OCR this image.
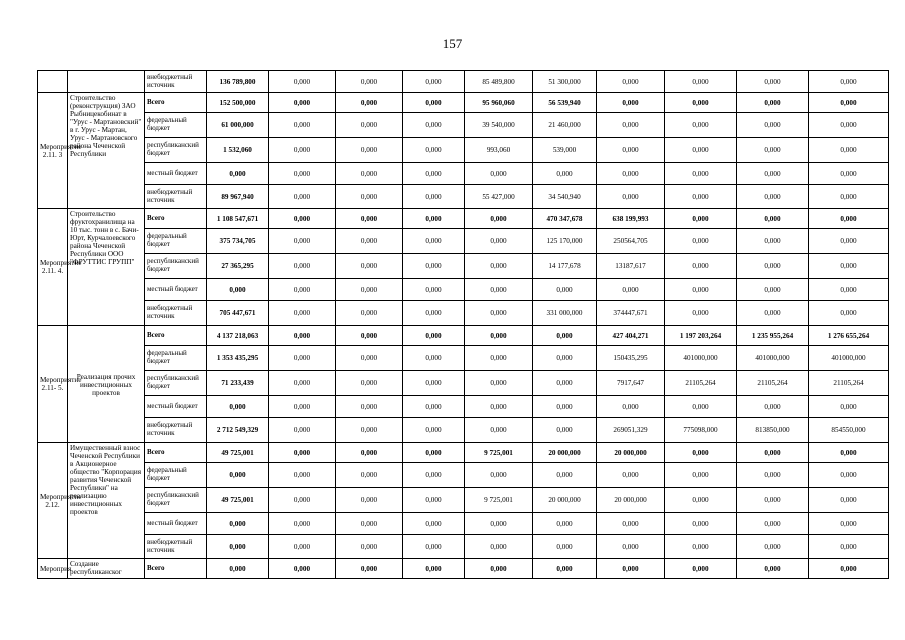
157
		внебюджетный источник	136 789,800	0,000	0,000	0,000	85 489,800	51 300,000	0,000	0,000	0,000	0,000
Мероприятие 2.11. 3	Строительство (реконструкция) ЗАО Рыбницекобинат в "Урус - Мартановский" в г. Урус - Мартан, Урус - Мартановского района Чеченской Республики	Всего	152 500,000	0,000	0,000	0,000	95 960,060	56 539,940	0,000	0,000	0,000	0,000
		федеральный бюджет	61 000,000	0,000	0,000	0,000	39 540,000	21 460,000	0,000	0,000	0,000	0,000
		республиканский бюджет	1 532,060	0,000	0,000	0,000	993,060	539,000	0,000	0,000	0,000	0,000
		местный бюджет	0,000	0,000	0,000	0,000	0,000	0,000	0,000	0,000	0,000	0,000
		внебюджетный источник	89 967,940	0,000	0,000	0,000	55 427,000	34 540,940	0,000	0,000	0,000	0,000
Мероприятие 2.11. 4.	Строительство фруктохранилища на 10 тыс. тонн в с. Бачи-Юрт, Курчалоевского района Чеченской Республики ООО "ФРУТТИС ГРУПП"	Всего	1 108 547,671	0,000	0,000	0,000	0,000	470 347,678	638 199,993	0,000	0,000	0,000
		федеральный бюджет	375 734,705	0,000	0,000	0,000	0,000	125 170,000	250564,705	0,000	0,000	0,000
		республиканский бюджет	27 365,295	0,000	0,000	0,000	0,000	14 177,678	13187,617	0,000	0,000	0,000
		местный бюджет	0,000	0,000	0,000	0,000	0,000	0,000	0,000	0,000	0,000	0,000
		внебюджетный источник	705 447,671	0,000	0,000	0,000	0,000	331 000,000	374447,671	0,000	0,000	0,000
Мероприятие 2.11- 5.	Реализация прочих инвестиционных проектов	Всего	4 137 218,063	0,000	0,000	0,000	0,000	0,000	427 404,271	1 197 203,264	1 235 955,264	1 276 655,264
		федеральный бюджет	1 353 435,295	0,000	0,000	0,000	0,000	0,000	150435,295	401000,000	401000,000	401000,000
		республиканский бюджет	71 233,439	0,000	0,000	0,000	0,000	0,000	7917,647	21105,264	21105,264	21105,264
		местный бюджет	0,000	0,000	0,000	0,000	0,000	0,000	0,000	0,000	0,000	0,000
		внебюджетный источник	2 712 549,329	0,000	0,000	0,000	0,000	0,000	269051,329	775098,000	813850,000	854550,000
Мероприятие 2.12.	Имущественный взнос Чеченской Республики в Акционерное общество "Корпорация развития Чеченской Республики" на реализацию инвестиционных проектов	Всего	49 725,001	0,000	0,000	0,000	9 725,001	20 000,000	20 000,000	0,000	0,000	0,000
		федеральный бюджет	0,000	0,000	0,000	0,000	0,000	0,000	0,000	0,000	0,000	0,000
		республиканский бюджет	49 725,001	0,000	0,000	0,000	9 725,001	20 000,000	20 000,000	0,000	0,000	0,000
		местный бюджет	0,000	0,000	0,000	0,000	0,000	0,000	0,000	0,000	0,000	0,000
		внебюджетный источник	0,000	0,000	0,000	0,000	0,000	0,000	0,000	0,000	0,000	0,000
Мероприя	Создание республиканског	Всего	0,000	0,000	0,000	0,000	0,000	0,000	0,000	0,000	0,000	0,000
